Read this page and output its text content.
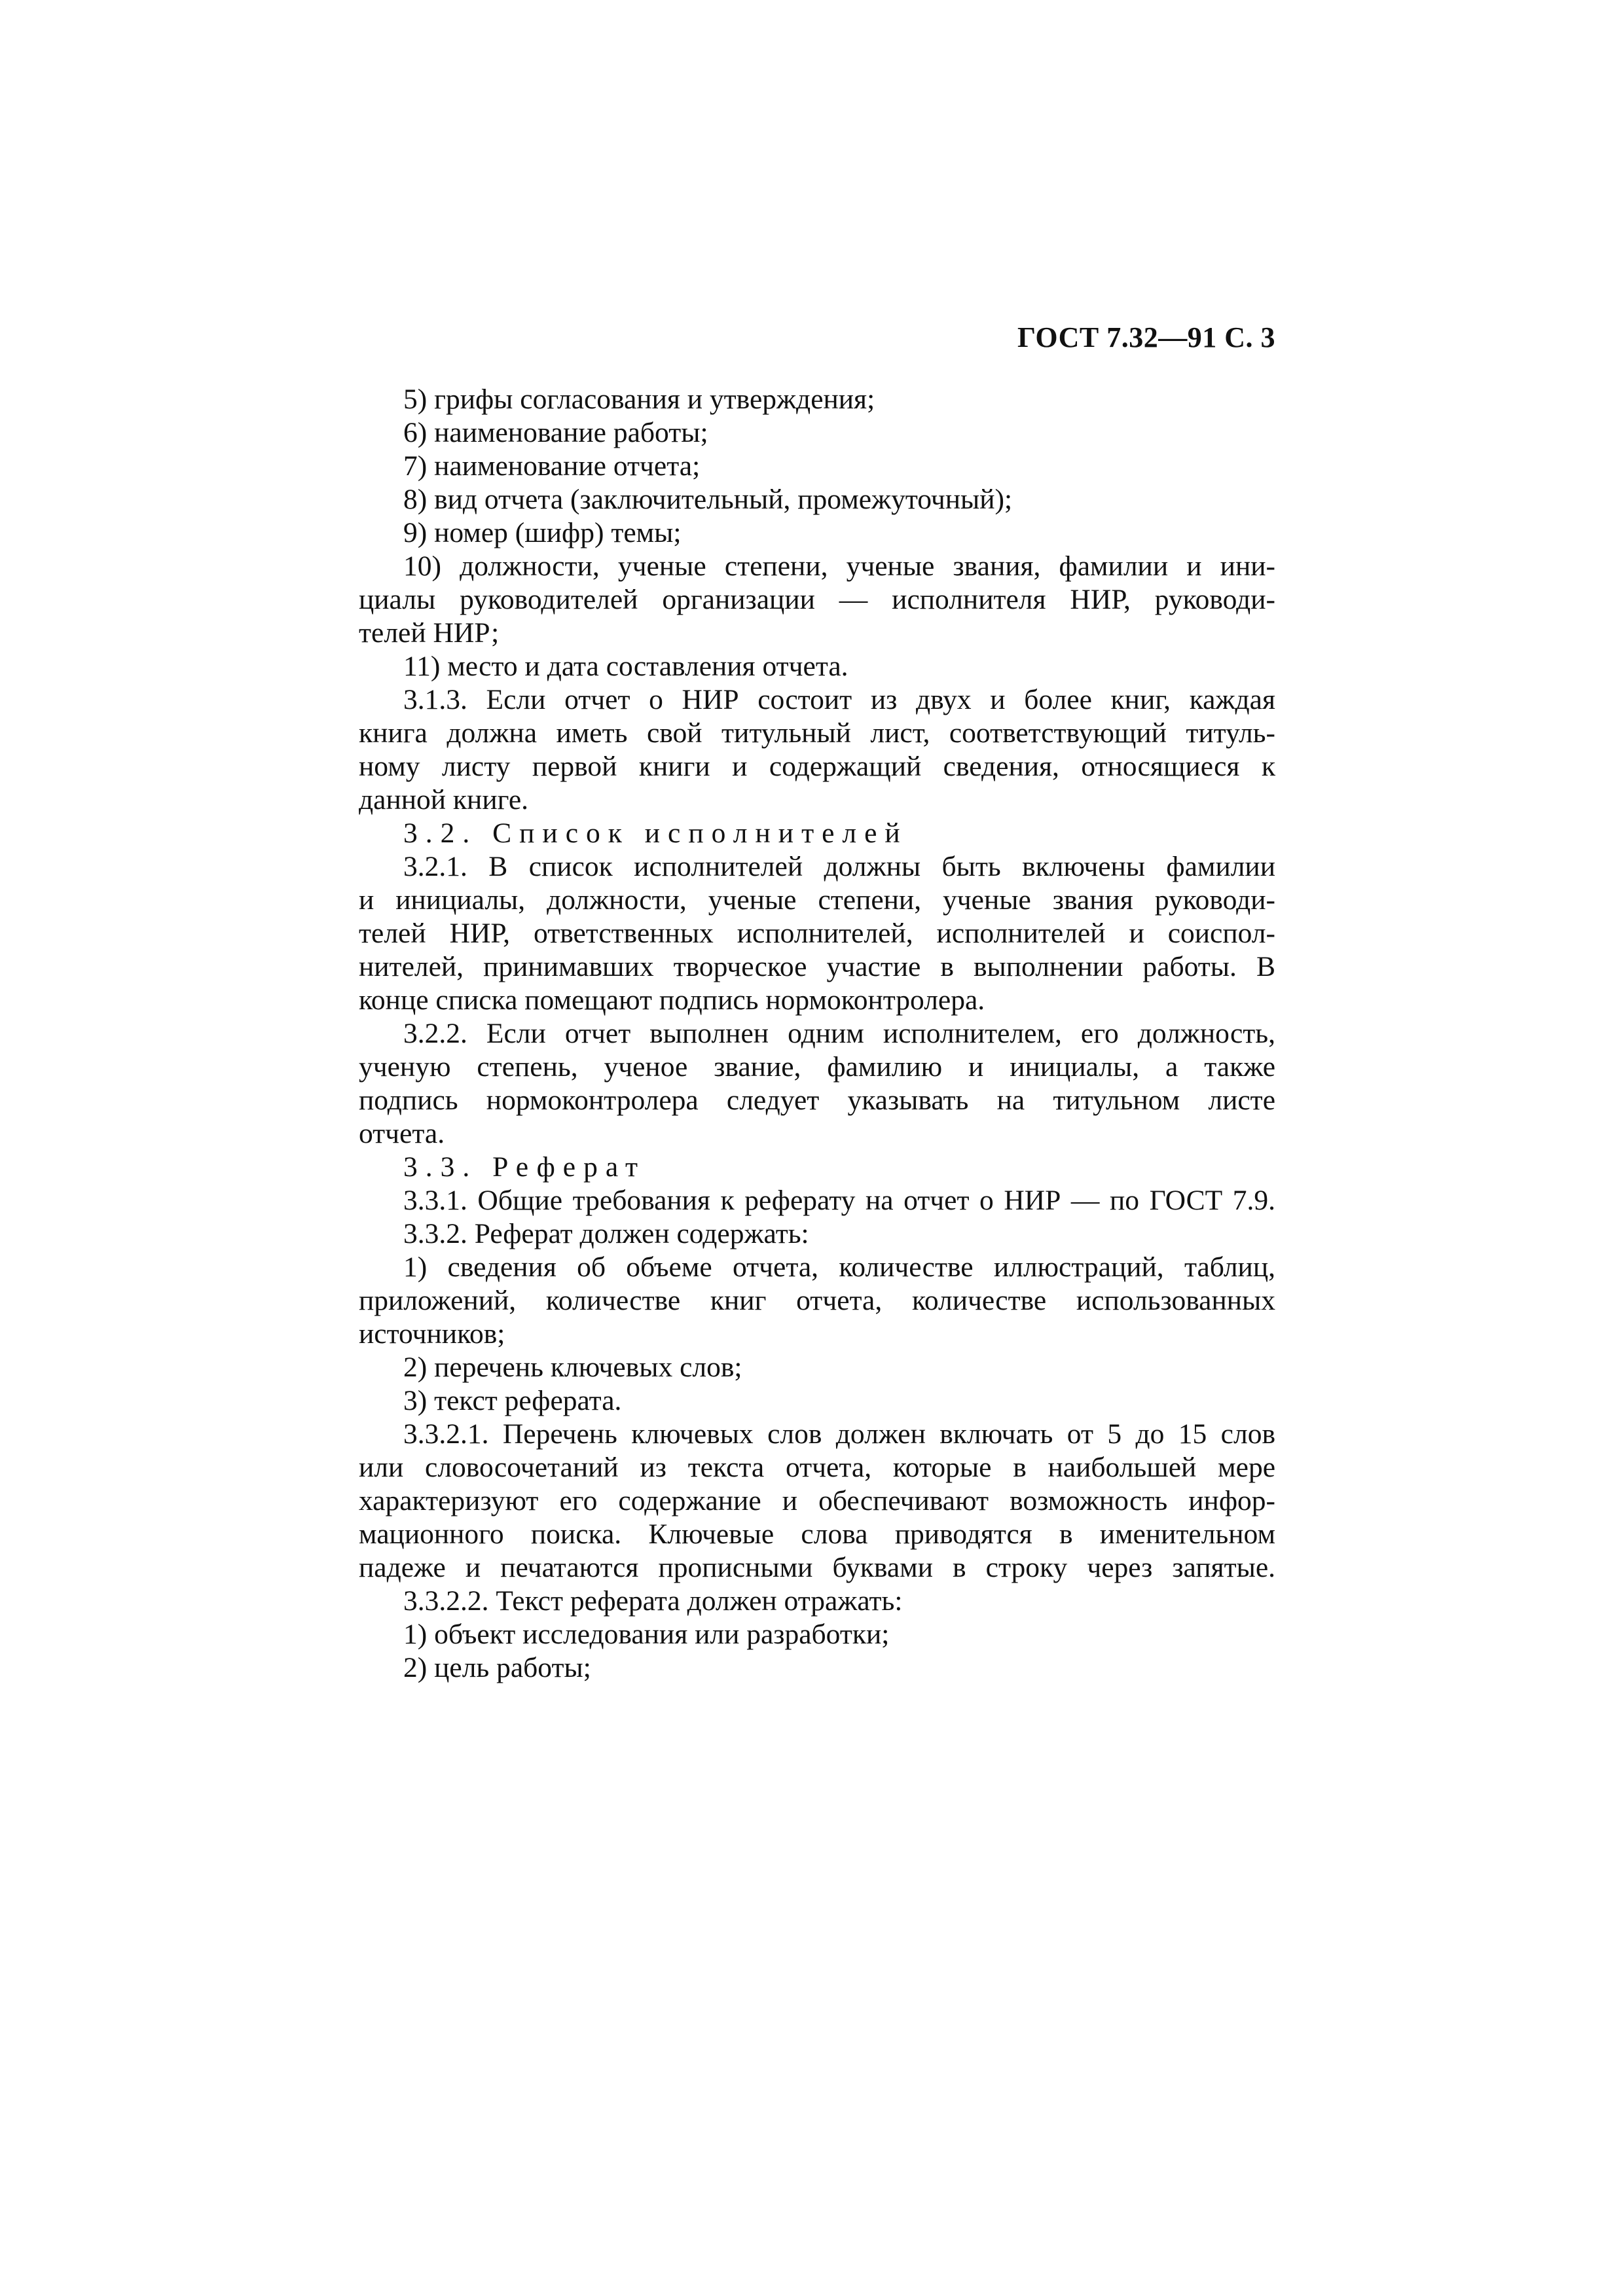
ГОСТ 7.32—91 С. 3
5) грифы согласования и утверждения;
6) наименование работы;
7) наименование отчета;
8) вид отчета (заключительный, промежуточный);
9) номер (шифр) темы;
10) должности, ученые степени, ученые звания, фамилии и ини-
циалы руководителей организации — исполнителя НИР, руководи-
телей НИР;
11) место и дата составления отчета.
3.1.3. Если отчет о НИР состоит из двух и более книг, каждая
книга должна иметь свой титульный лист, соответствующий титуль-
ному листу первой книги и содержащий сведения, относящиеся к
данной книге.
3.2. Список исполнителей
3.2.1. В список исполнителей должны быть включены фамилии
и инициалы, должности, ученые степени, ученые звания руководи-
телей НИР, ответственных исполнителей, исполнителей и соиспол-
нителей, принимавших творческое участие в выполнении работы. В
конце списка помещают подпись нормоконтролера.
3.2.2. Если отчет выполнен одним исполнителем, его должность,
ученую степень, ученое звание, фамилию и инициалы, а также
подпись нормоконтролера следует указывать на титульном листе
отчета.
3.3. Реферат
3.3.1. Общие требования к реферату на отчет о НИР — по ГОСТ 7.9.
3.3.2. Реферат должен содержать:
1) сведения об объеме отчета, количестве иллюстраций, таблиц,
приложений, количестве книг отчета, количестве использованных
источников;
2) перечень ключевых слов;
3) текст реферата.
3.3.2.1. Перечень ключевых слов должен включать от 5 до 15 слов
или словосочетаний из текста отчета, которые в наибольшей мере
характеризуют его содержание и обеспечивают возможность инфор-
мационного поиска. Ключевые слова приводятся в именительном
падеже и печатаются прописными буквами в строку через запятые.
3.3.2.2. Текст реферата должен отражать:
1) объект исследования или разработки;
2) цель работы;
